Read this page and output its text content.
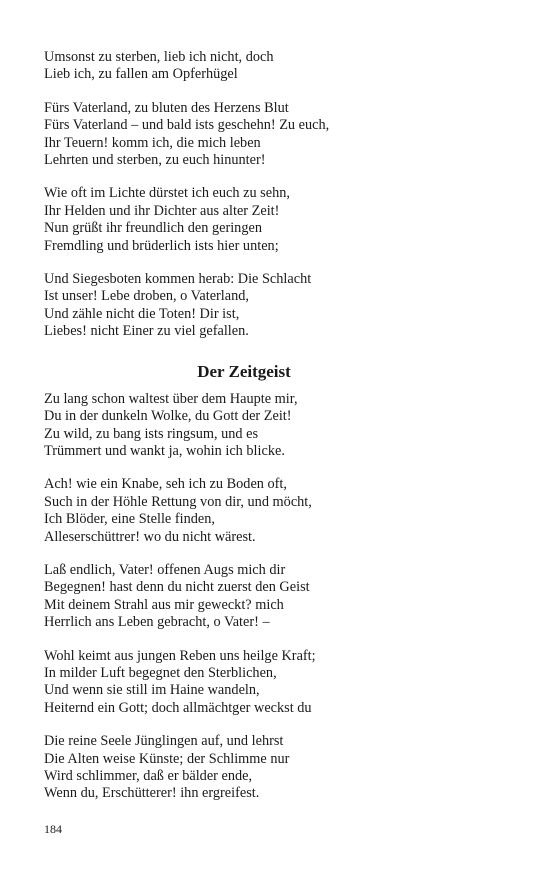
Umsonst zu sterben, lieb ich nicht, doch
Lieb ich, zu fallen am Opferhügel
Fürs Vaterland, zu bluten des Herzens Blut
Fürs Vaterland – und bald ists geschehn! Zu euch,
Ihr Teuern! komm ich, die mich leben
Lehrten und sterben, zu euch hinunter!
Wie oft im Lichte dürstet ich euch zu sehn,
Ihr Helden und ihr Dichter aus alter Zeit!
Nun grüßt ihr freundlich den geringen
Fremdling und brüderlich ists hier unten;
Und Siegesboten kommen herab: Die Schlacht
Ist unser! Lebe droben, o Vaterland,
Und zähle nicht die Toten! Dir ist,
Liebes! nicht Einer zu viel gefallen.
Der Zeitgeist
Zu lang schon waltest über dem Haupte mir,
Du in der dunkeln Wolke, du Gott der Zeit!
Zu wild, zu bang ists ringsum, und es
Trümmert und wankt ja, wohin ich blicke.
Ach! wie ein Knabe, seh ich zu Boden oft,
Such in der Höhle Rettung von dir, und möcht,
Ich Blöder, eine Stelle finden,
Alleserschüttrer! wo du nicht wärest.
Laß endlich, Vater! offenen Augs mich dir
Begegnen! hast denn du nicht zuerst den Geist
Mit deinem Strahl aus mir geweckt? mich
Herrlich ans Leben gebracht, o Vater! –
Wohl keimt aus jungen Reben uns heilge Kraft;
In milder Luft begegnet den Sterblichen,
Und wenn sie still im Haine wandeln,
Heiternd ein Gott; doch allmächtger weckst du
Die reine Seele Jünglingen auf, und lehrst
Die Alten weise Künste; der Schlimme nur
Wird schlimmer, daß er bälder ende,
Wenn du, Erschütterer! ihn ergreifest.
184
